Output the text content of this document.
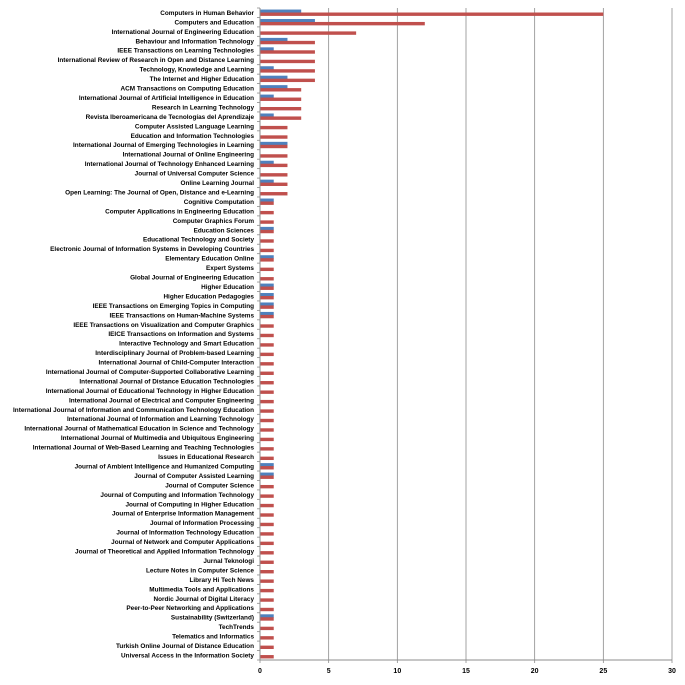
Computers in Human Behavior
Computers and Education
International Journal of Engineering Education
Behaviour and Information Technology
IEEE Transactions on Learning Technologies
International Review of Research in Open and Distance Learning
Technology, Knowledge and Learning
The Internet and Higher Education
ACM Transactions on Computing Education
International Journal of Artificial Intelligence in Education
Research in Learning Technology
Revista Iberoamericana de Tecnologías del Aprendizaje
Computer Assisted Language Learning
Education and Information Technologies
International Journal of Emerging Technologies in Learning
International Journal of Online Engineering
International Journal of Technology Enhanced Learning
Journal of Universal Computer Science
Online Learning Journal
Open Learning: The Journal of Open, Distance and e-Learning
Cognitive Computation
Computer Applications in Engineering Education
Computer Graphics Forum
Education Sciences
Educational Technology and Society
Electronic Journal of Information Systems in Developing Countries
Elementary Education Online
Expert Systems
Global Journal of Engineering Education
Higher Education
Higher Education Pedagogies
IEEE Transactions on Emerging Topics in Computing
IEEE Transactions on Human-Machine Systems
IEEE Transactions on Visualization and Computer Graphics
IEICE Transactions on Information and Systems
Interactive Technology and Smart Education
Interdisciplinary Journal of Problem-based Learning
International Journal of Child-Computer Interaction
International Journal of Computer-Supported Collaborative Learning
International Journal of Distance Education Technologies
International Journal of Educational Technology in Higher Education
International Journal of Electrical and Computer Engineering
International Journal of Information and Communication Technology Education
International Journal of Information and Learning Technology
International Journal of Mathematical Education in Science and Technology
International Journal of Multimedia and Ubiquitous Engineering
International Journal of Web-Based Learning and Teaching Technologies
Issues in Educational Research
Journal of Ambient Intelligence and Humanized Computing
Journal of Computer Assisted Learning
Journal of Computer Science
Journal of Computing and Information Technology
Journal of Computing in Higher Education
Journal of Enterprise Information Management
Journal of Information Processing
Journal of Information Technology Education
Journal of Network and Computer Applications
Journal of Theoretical and Applied Information Technology
Jurnal Teknologi
Lecture Notes in Computer Science
Library Hi Tech News
Multimedia Tools and Applications
Nordic Journal of Digital Literacy
Peer-to-Peer Networking and Applications
Sustainability (Switzerland)
TechTrends
Telematics and Informatics
Turkish Online Journal of Distance Education
Universal Access in the Information Society
0	5	10	15	20	25	30
